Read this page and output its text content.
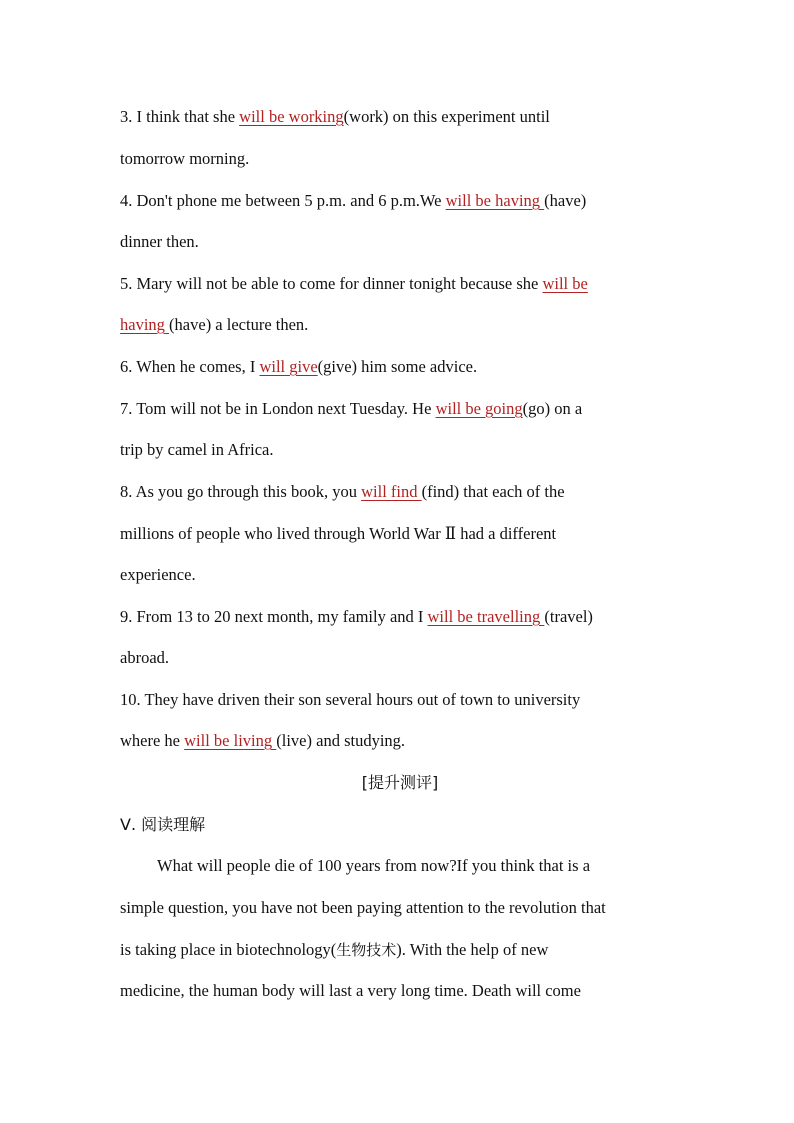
3. I think that she will be working(work) on this experiment until
tomorrow morning.
4. Don't phone me between 5 p.m. and 6 p.m.We will be having (have)
dinner then.
5. Mary will not be able to come for dinner tonight because she will be
having (have) a lecture then.
6. When he comes, I will give(give) him some advice.
7. Tom will not be in London next Tuesday. He will be going(go) on a
trip by camel in Africa.
8. As you go through this book, you will find (find) that each of the
millions of people who lived through World War Ⅱ had a different
experience.
9. From 13 to 20 next month, my family and I will be travelling (travel)
abroad.
10. They have driven their son several hours out of town to university
where he will be living (live) and studying.
[提升测评]
Ⅴ. 阅读理解
What will people die of 100 years from now?If you think that is a
simple question, you have not been paying attention to the revolution that
is taking place in biotechnology(生物技术). With the help of new
medicine, the human body will last a very long time. Death will come
